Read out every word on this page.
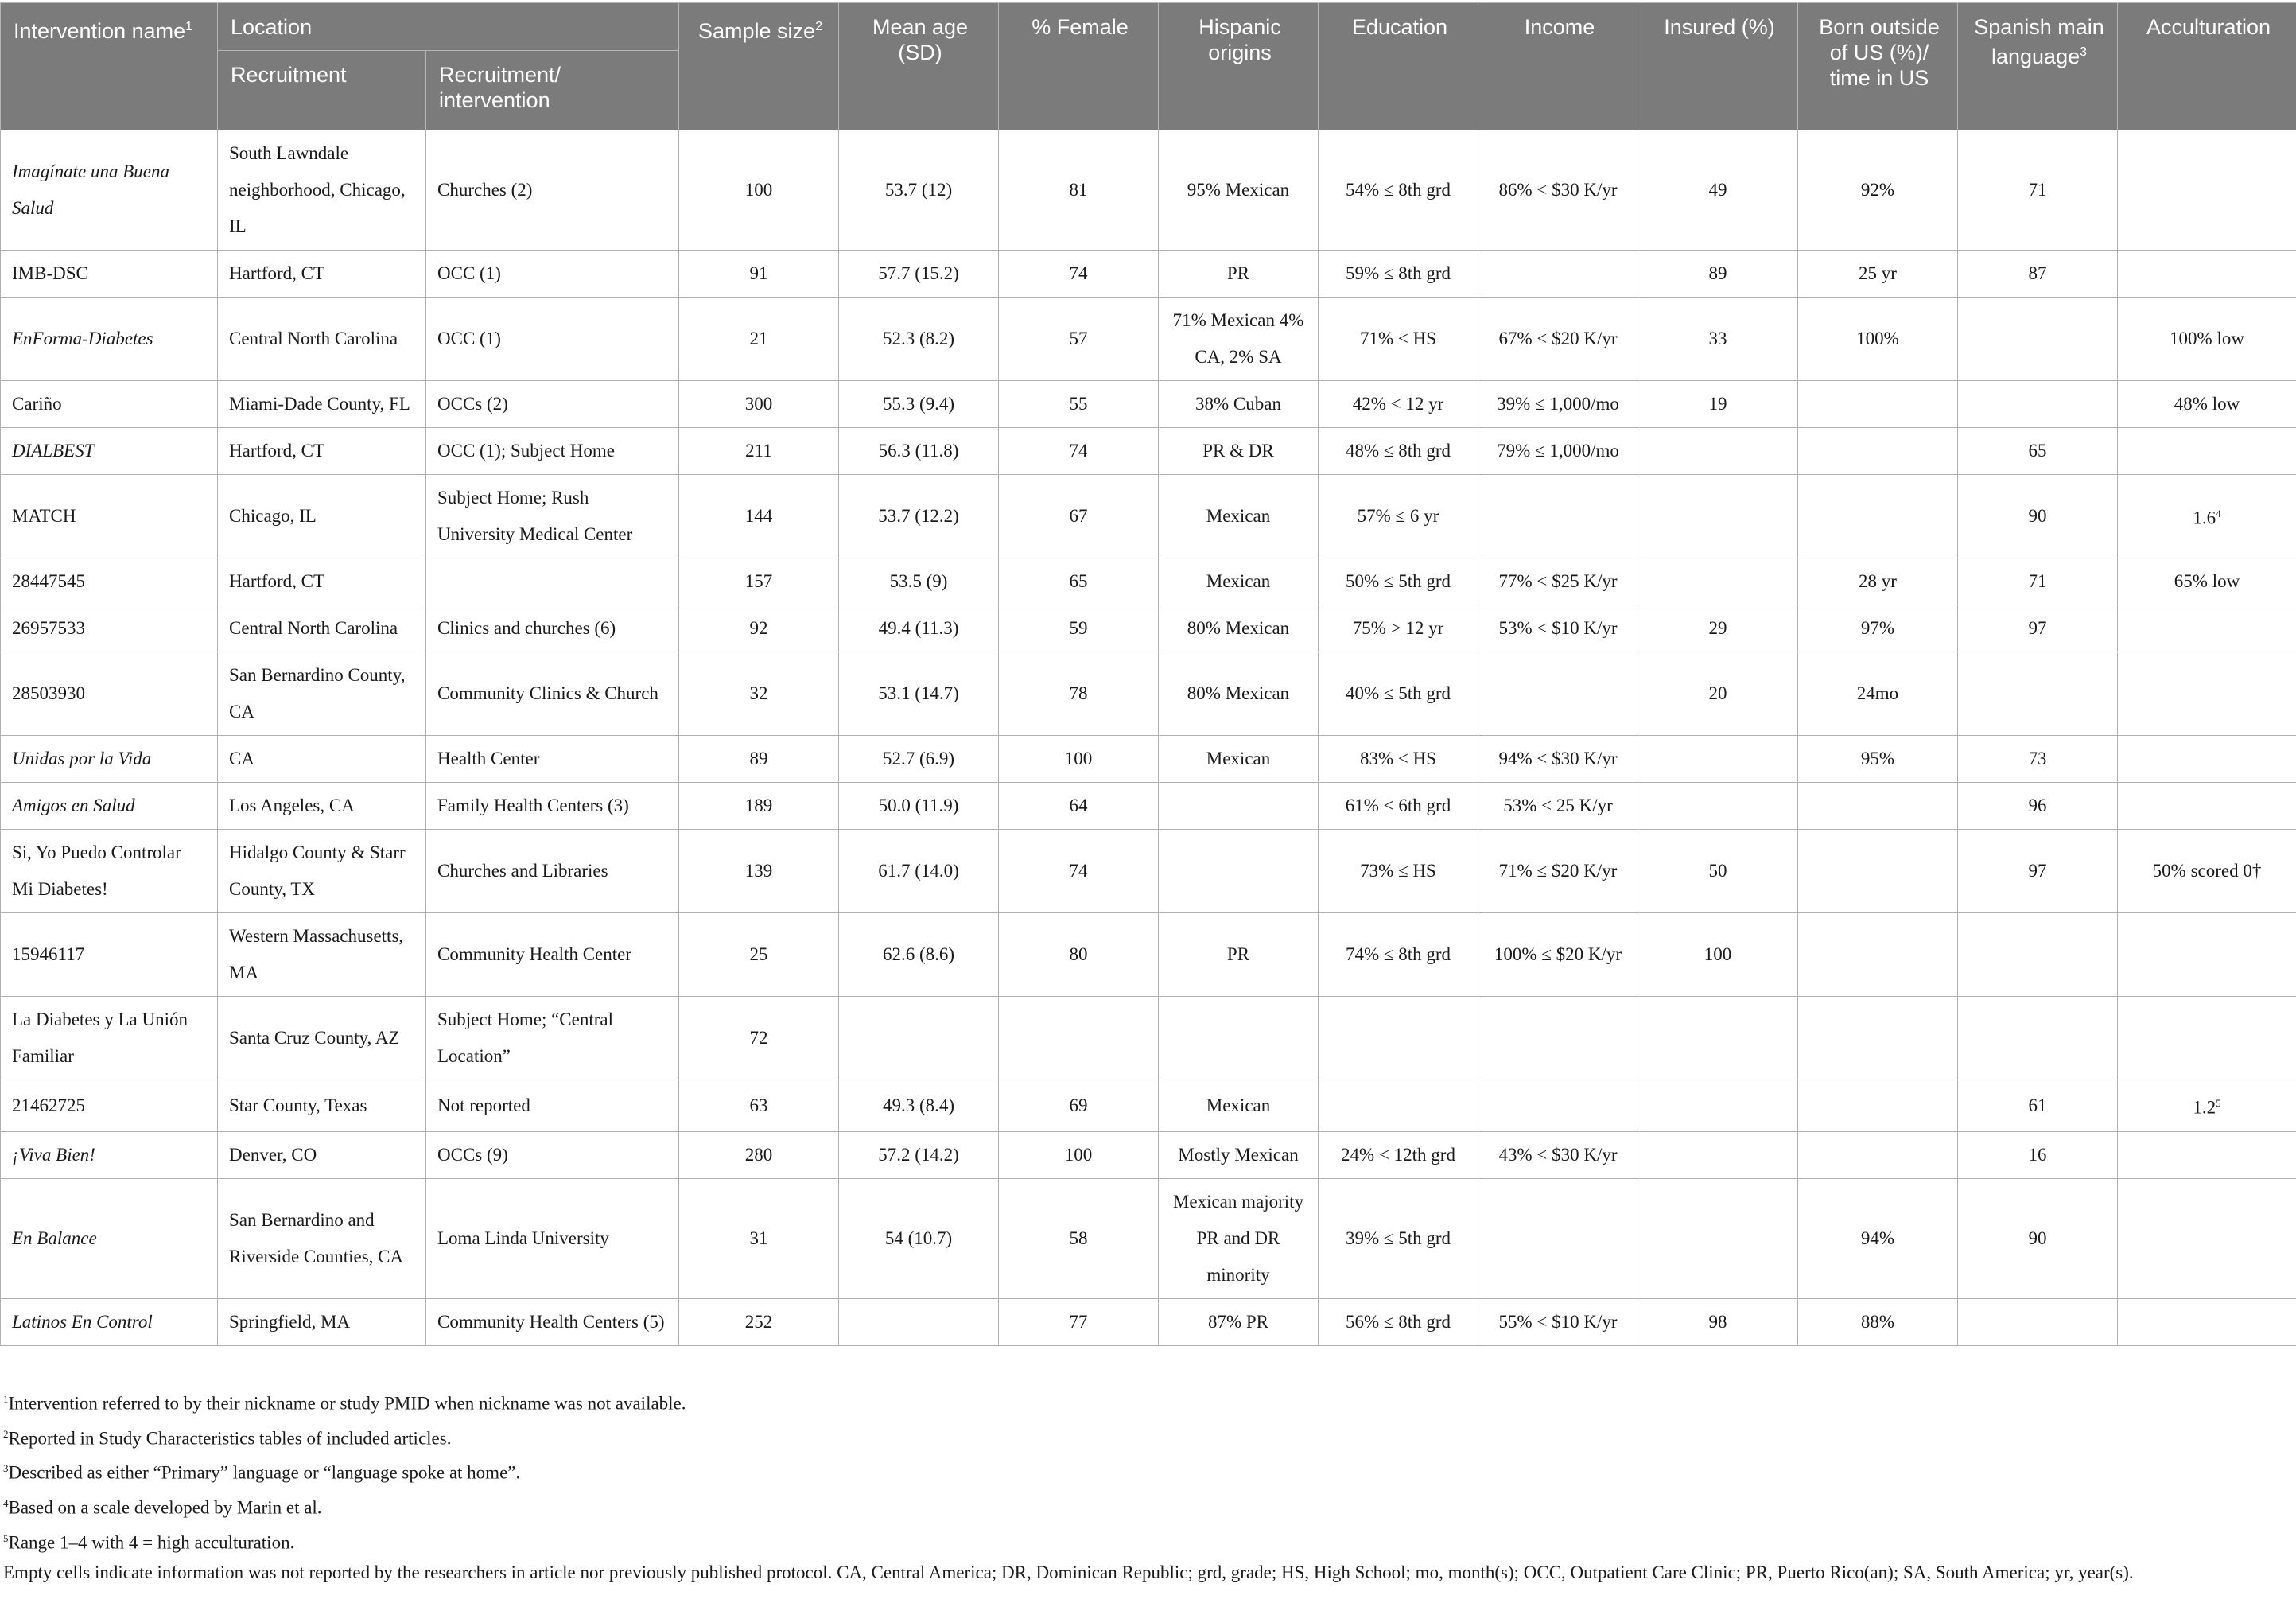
Intervention name$^1$	Location		Sample size$^2$	Mean age (SD)	% Female	Hispanic origins	Education	Income	Insured (%)	Born outside of US (%)/ time in US	Spanish main language$^3$	Acculturation
	Recruitment	Recruitment/ intervention										
Imagínate una Buena Salud	South Lawndale neighborhood, Chicago, IL	Churches (2)	100	53.7 (12)	81	95% Mexican	54% ≤ 8th grd	86% < $30 K/yr	49	92%	71	
IMB-DSC	Hartford, CT	OCC (1)	91	57.7 (15.2)	74	PR	59% ≤ 8th grd		89	25 yr	87	
EnForma-Diabetes	Central North Carolina	OCC (1)	21	52.3 (8.2)	57	71% Mexican 4% CA, 2% SA	71% < HS	67% < $20 K/yr	33	100%		100% low
Cariño	Miami-Dade County, FL	OCCs (2)	300	55.3 (9.4)	55	38% Cuban	42% < 12 yr	39% ≤ 1,000/mo	19			48% low
DIALBEST	Hartford, CT	OCC (1); Subject Home	211	56.3 (11.8)	74	PR & DR	48% ≤ 8th grd	79% ≤ 1,000/mo			65	
MATCH	Chicago, IL	Subject Home; Rush University Medical Center	144	53.7 (12.2)	67	Mexican	57% ≤ 6 yr				90	$1.6^4$
28447545	Hartford, CT		157	53.5 (9)	65	Mexican	50% ≤ 5th grd	77% < $25 K/yr		28 yr	71	65% low
26957533	Central North Carolina	Clinics and churches (6)	92	49.4 (11.3)	59	80% Mexican	75% > 12 yr	53% < $10 K/yr	29	97%	97	
28503930	San Bernardino County, CA	Community Clinics & Church	32	53.1 (14.7)	78	80% Mexican	40% ≤ 5th grd		20	24mo		
Unidas por la Vida	CA	Health Center	89	52.7 (6.9)	100	Mexican	83% < HS	94% < $30 K/yr		95%	73	
Amigos en Salud	Los Angeles, CA	Family Health Centers (3)	189	50.0 (11.9)	64		61% < 6th grd	53% < 25 K/yr			96	
Si, Yo Puedo Controlar Mi Diabetes!	Hidalgo County & Starr County, TX	Churches and Libraries	139	61.7 (14.0)	74		73% ≤ HS	71% ≤ $20 K/yr	50		97	50% scored 0†
15946117	Western Massachusetts, MA	Community Health Center	25	62.6 (8.6)	80	PR	74% ≤ 8th grd	100% ≤ $20 K/yr	100			
La Diabetes y La Unión Familiar	Santa Cruz County, AZ	Subject Home; “Central Location”	72									
21462725	Star County, Texas	Not reported	63	49.3 (8.4)	69	Mexican					61	$1.2^5$
¡Viva Bien!	Denver, CO	OCCs (9)	280	57.2 (14.2)	100	Mostly Mexican	24% < 12th grd	43% < $30 K/yr			16	
En Balance	San Bernardino and Riverside Counties, CA	Loma Linda University	31	54 (10.7)	58	Mexican majority PR and DR minority	39% ≤ 5th grd			94%	90	
Latinos En Control	Springfield, MA	Community Health Centers (5)	252		77	87% PR	56% ≤ 8th grd	55% < $10 K/yr	98	88%		
$^1$Intervention referred to by their nickname or study PMID when nickname was not available.
$^2$Reported in Study Characteristics tables of included articles.
$^3$Described as either “Primary” language or “language spoke at home”.
$^4$Based on a scale developed by Marin et al.
$^5$Range 1–4 with 4 = high acculturation.
Empty cells indicate information was not reported by the researchers in article nor previously published protocol. CA, Central America; DR, Dominican Republic; grd, grade; HS, High School; mo, month(s); OCC, Outpatient Care Clinic; PR, Puerto Rico(an); SA, South America; yr, year(s).
